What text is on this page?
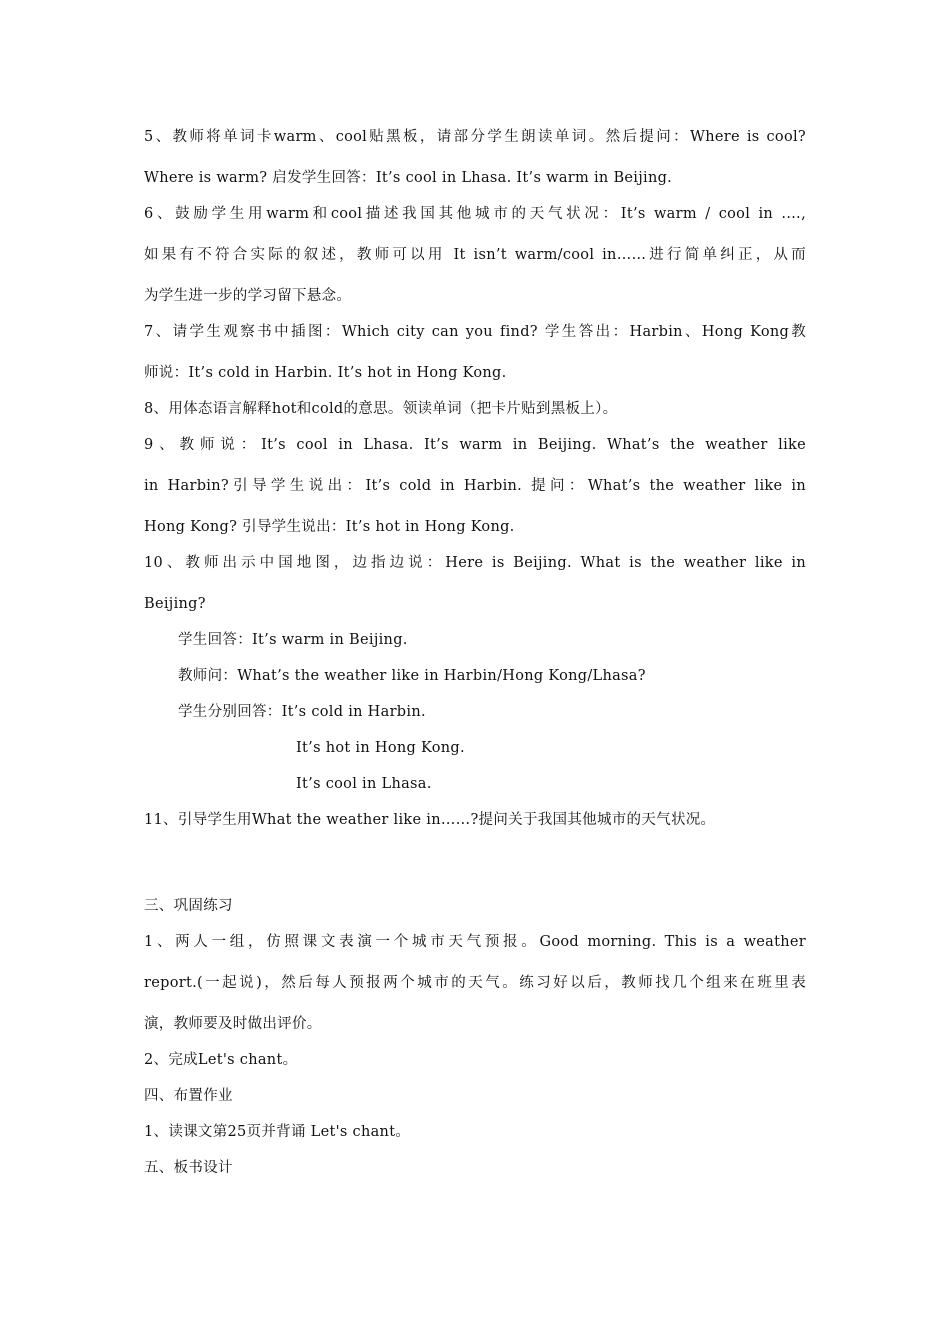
5、教师将单词卡warm、cool贴黑板，请部分学生朗读单词。然后提问：Where is cool?
Where is warm? 启发学生回答：It’s cool in Lhasa. It’s warm in Beijing.
6、鼓励学生用warm和cool描述我国其他城市的天气状况：It’s warm / cool in .…,
如果有不符合实际的叙述，教师可以用 It isn’t warm/cool in……进行简单纠正，从而
为学生进一步的学习留下悬念。
7、请学生观察书中插图：Which city can you find? 学生答出：Harbin、Hong Kong教
师说：It’s cold in Harbin. It’s hot in Hong Kong.
8、用体态语言解释hot和cold的意思。领读单词（把卡片贴到黑板上）。
9、教师说：It’s cool in Lhasa. It’s warm in Beijing. What’s the weather like
in Harbin?引导学生说出：It’s cold in Harbin. 提问：What’s the weather like in
Hong Kong? 引导学生说出：It’s hot in Hong Kong.
10、教师出示中国地图，边指边说：Here is Beijing. What is the weather like in
Beijing?
学生回答：It’s warm in Beijing.
教师问：What’s the weather like in Harbin/Hong Kong/Lhasa?
学生分别回答：It’s cold in Harbin.
It’s hot in Hong Kong.
It’s cool in Lhasa.
11、引导学生用What the weather like in……?提问关于我国其他城市的天气状况。
三、巩固练习
1、两人一组，仿照课文表演一个城市天气预报。Good morning. This is a weather
report.(一起说)，然后每人预报两个城市的天气。练习好以后，教师找几个组来在班里表
演，教师要及时做出评价。
2、完成Let's chant。
四、布置作业
1、读课文第25页并背诵 Let's chant。
五、板书设计
